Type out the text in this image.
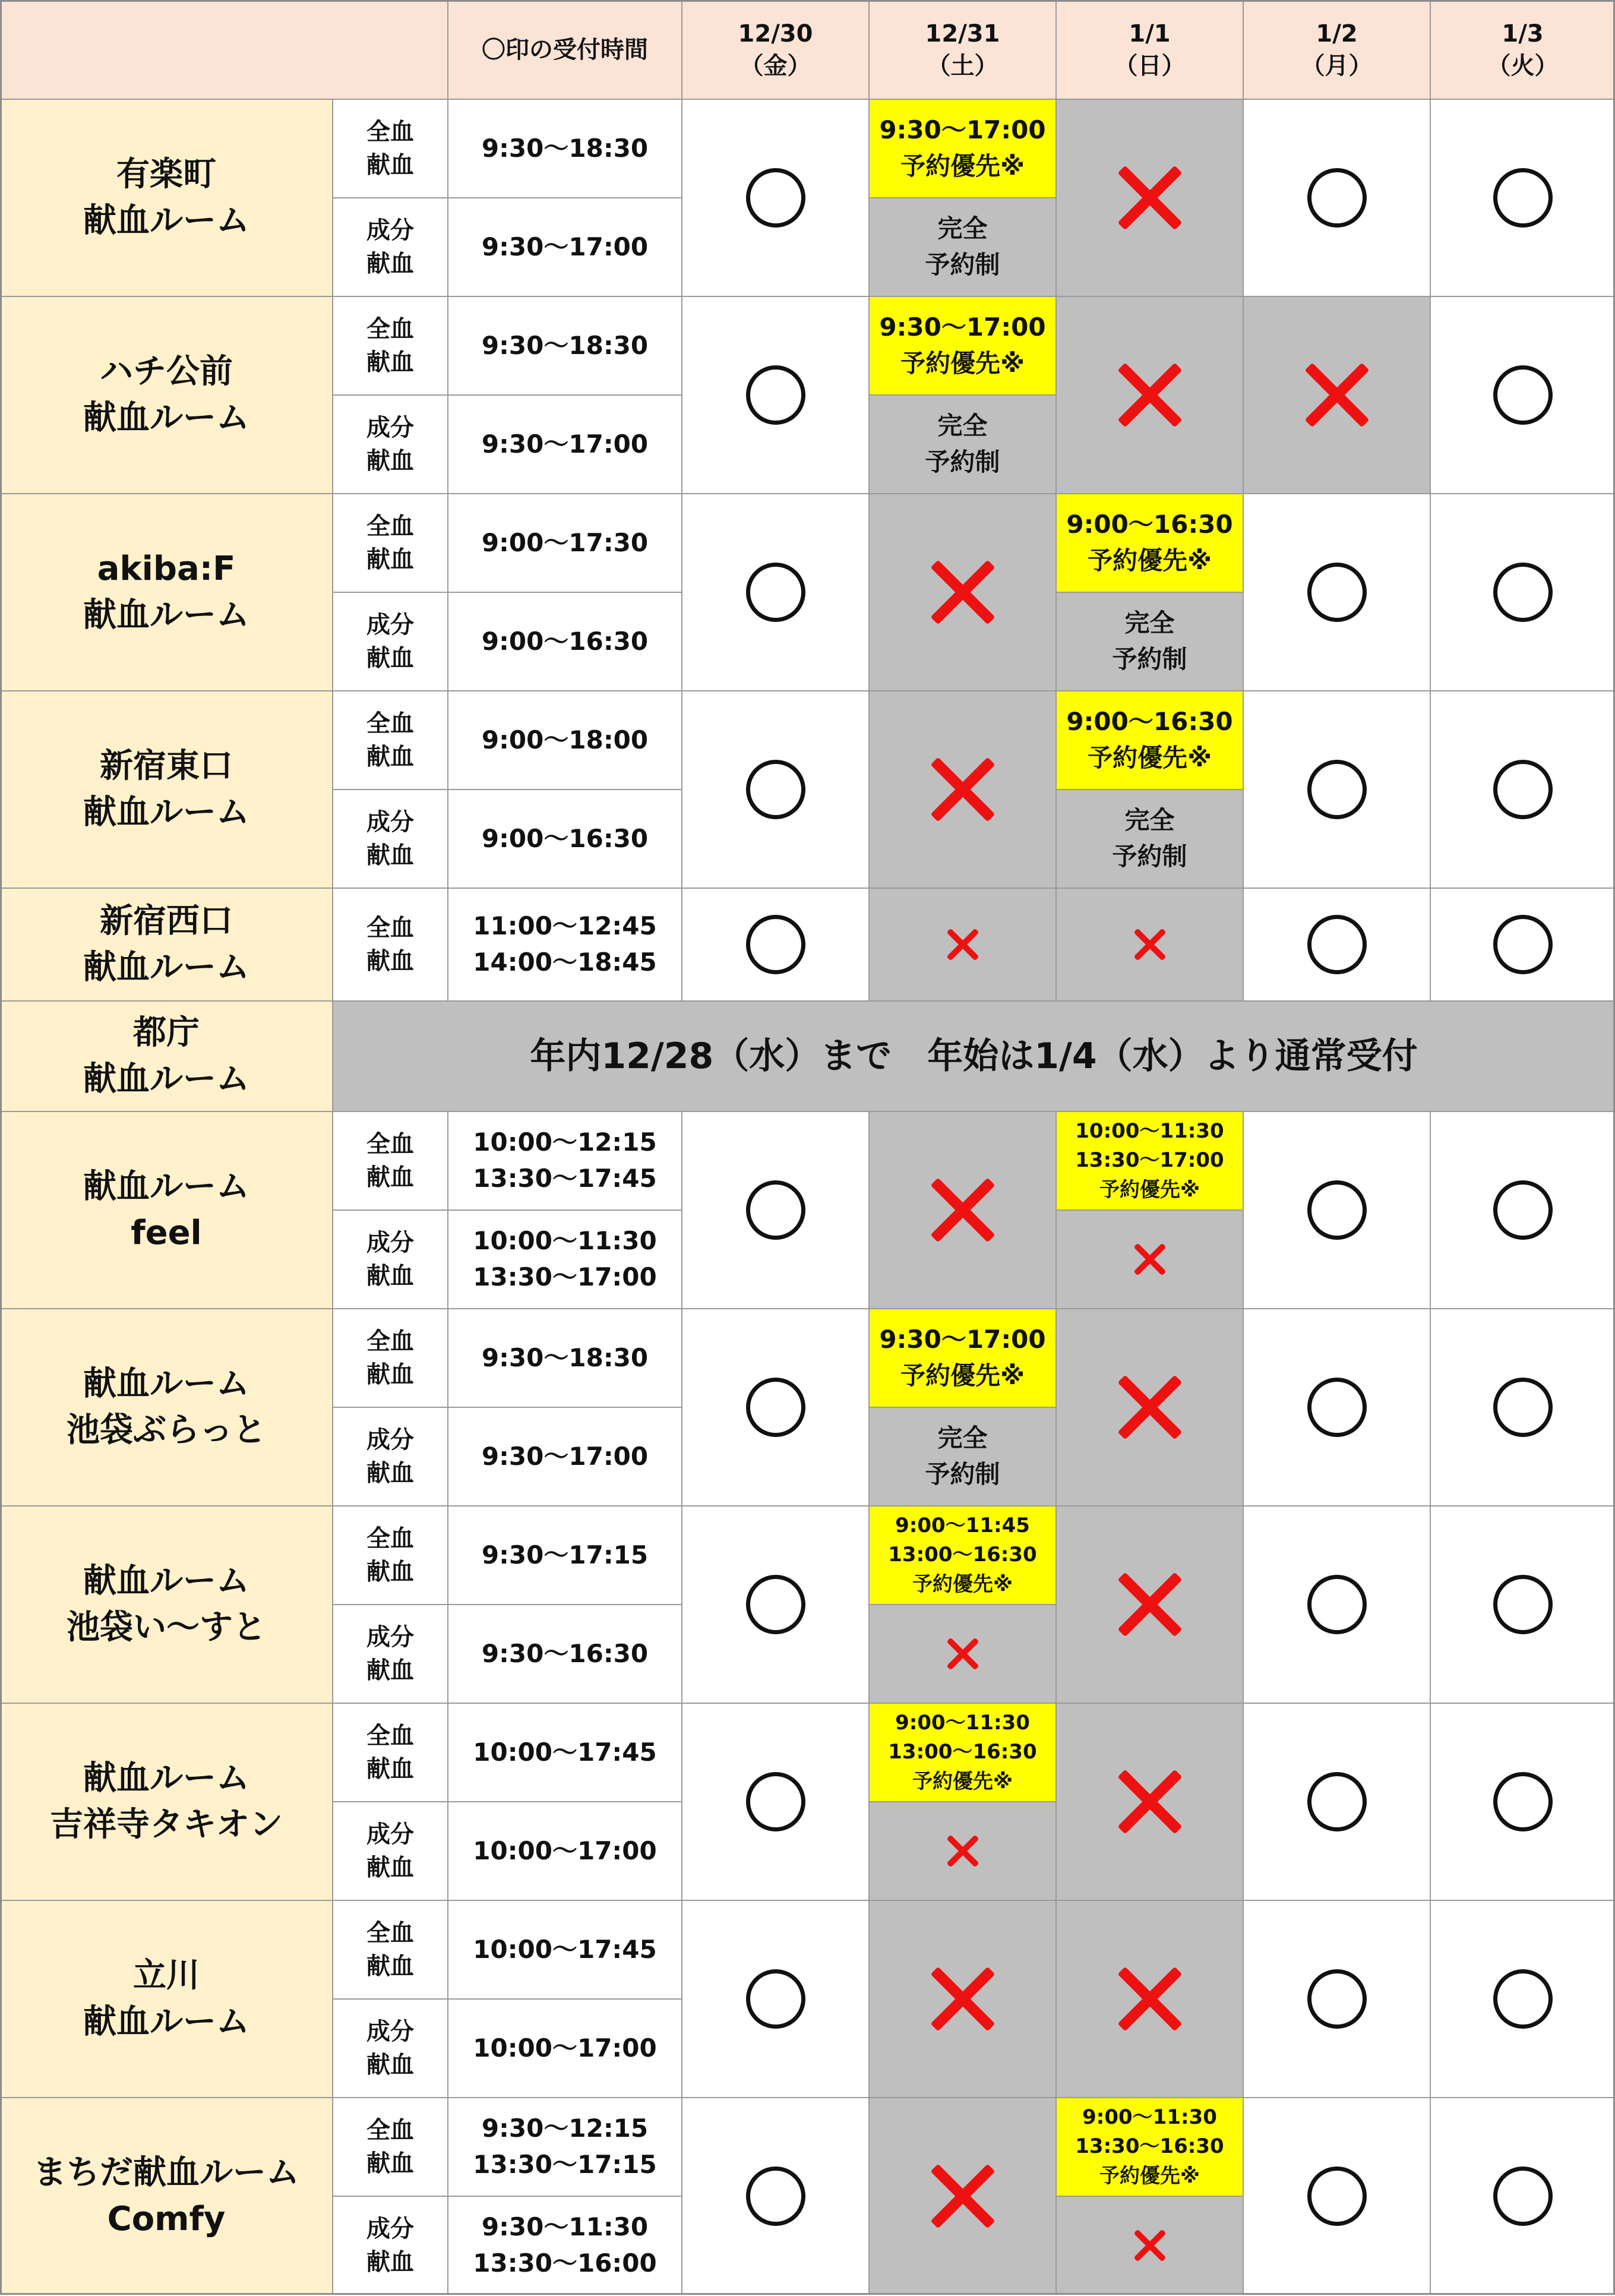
〇印の受付時間
12/30
（金）
12/31
（土）
1/1
（日）
1/2
（月）
1/3
（火）
有楽町
献血ルーム
全血
献血
9:30〜18:30
成分
献血
9:30〜17:00
9:30〜17:00
予約優先※
完全
予約制
ハチ公前
献血ルーム
全血
献血
9:30〜18:30
成分
献血
9:30〜17:00
9:30〜17:00
予約優先※
完全
予約制
akiba:F
献血ルーム
全血
献血
9:00〜17:30
成分
献血
9:00〜16:30
9:00〜16:30
予約優先※
完全
予約制
新宿東口
献血ルーム
全血
献血
9:00〜18:00
成分
献血
9:00〜16:30
9:00〜16:30
予約優先※
完全
予約制
新宿西口
献血ルーム
全血
献血
11:00〜12:45
14:00〜18:45
都庁
献血ルーム
年内12/28（水）まで　年始は1/4（水）より通常受付
献血ルーム
feel
全血
献血
10:00〜12:15
13:30〜17:45
成分
献血
10:00〜11:30
13:30〜17:00
10:00〜11:30
13:30〜17:00
予約優先※
献血ルーム
池袋ぶらっと
全血
献血
9:30〜18:30
成分
献血
9:30〜17:00
9:30〜17:00
予約優先※
完全
予約制
献血ルーム
池袋い〜すと
全血
献血
9:30〜17:15
成分
献血
9:30〜16:30
9:00〜11:45
13:00〜16:30
予約優先※
献血ルーム
吉祥寺タキオン
全血
献血
10:00〜17:45
成分
献血
10:00〜17:00
9:00〜11:30
13:00〜16:30
予約優先※
立川
献血ルーム
全血
献血
10:00〜17:45
成分
献血
10:00〜17:00
まちだ献血ルーム
Comfy
全血
献血
9:30〜12:15
13:30〜17:15
成分
献血
9:30〜11:30
13:30〜16:00
9:00〜11:30
13:30〜16:30
予約優先※
